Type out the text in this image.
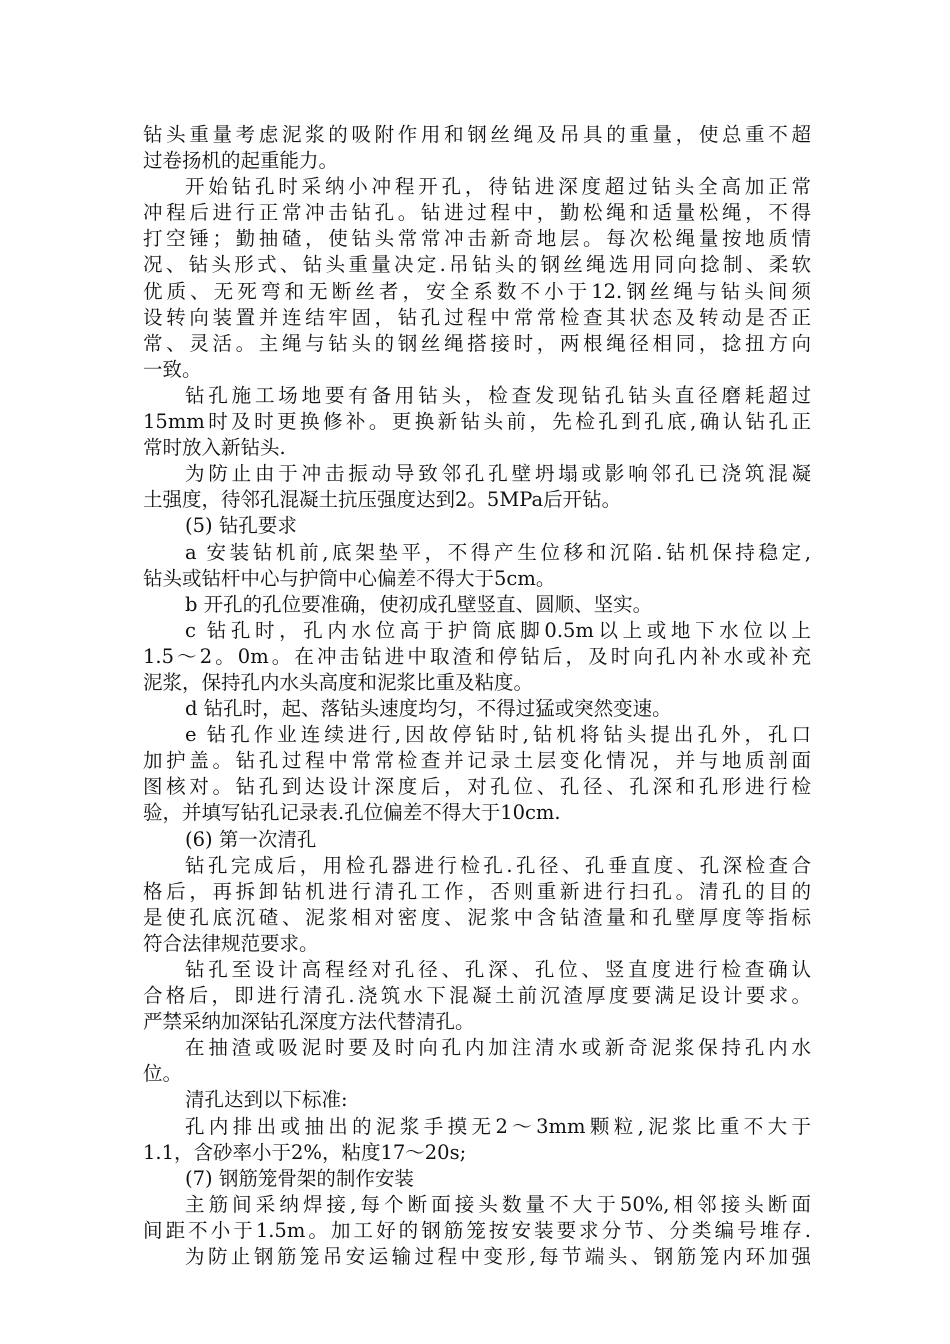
钻头重量考虑泥浆的吸附作用和钢丝绳及吊具的重量，使总重不超
过卷扬机的起重能力。
开始钻孔时采纳小冲程开孔，待钻进深度超过钻头全高加正常
冲程后进行正常冲击钻孔。钻进过程中，勤松绳和适量松绳，不得
打空锤；勤抽碴，使钻头常常冲击新奇地层。每次松绳量按地质情
况、钻头形式、钻头重量决定.吊钻头的钢丝绳选用同向捻制、柔软
优质、无死弯和无断丝者，安全系数不小于12.钢丝绳与钻头间须
设转向装置并连结牢固，钻孔过程中常常检查其状态及转动是否正
常、灵活。主绳与钻头的钢丝绳搭接时，两根绳径相同，捻扭方向
一致。
钻孔施工场地要有备用钻头，检查发现钻孔钻头直径磨耗超过
15mm时及时更换修补。更换新钻头前，先检孔到孔底,确认钻孔正
常时放入新钻头.
为防止由于冲击振动导致邻孔孔壁坍塌或影响邻孔已浇筑混凝
土强度，待邻孔混凝土抗压强度达到2。5MPa后开钻。
(5) 钻孔要求
a 安装钻机前,底架垫平，不得产生位移和沉陷.钻机保持稳定,
钻头或钻杆中心与护筒中心偏差不得大于5cm。
b 开孔的孔位要准确，使初成孔壁竖直、圆顺、坚实。
c 钻孔时，孔内水位高于护筒底脚0.5m以上或地下水位以上
1.5～2。0m。在冲击钻进中取渣和停钻后，及时向孔内补水或补充
泥浆，保持孔内水头高度和泥浆比重及粘度。
d 钻孔时，起、落钻头速度均匀，不得过猛或突然变速。
e 钻孔作业连续进行,因故停钻时,钻机将钻头提出孔外，孔口
加护盖。钻孔过程中常常检查并记录土层变化情况，并与地质剖面
图核对。钻孔到达设计深度后，对孔位、孔径、孔深和孔形进行检
验，并填写钻孔记录表.孔位偏差不得大于10cm.
(6) 第一次清孔
钻孔完成后，用检孔器进行检孔.孔径、孔垂直度、孔深检查合
格后，再拆卸钻机进行清孔工作，否则重新进行扫孔。清孔的目的
是使孔底沉碴、泥浆相对密度、泥浆中含钻渣量和孔壁厚度等指标
符合法律规范要求。
钻孔至设计高程经对孔径、孔深、孔位、竖直度进行检查确认
合格后，即进行清孔.浇筑水下混凝土前沉渣厚度要满足设计要求。
严禁采纳加深钻孔深度方法代替清孔。
在抽渣或吸泥时要及时向孔内加注清水或新奇泥浆保持孔内水
位。
清孔达到以下标准:
孔内排出或抽出的泥浆手摸无2～3mm颗粒,泥浆比重不大于
1.1，含砂率小于2%，粘度17～20s;
(7) 钢筋笼骨架的制作安装
主筋间采纳焊接,每个断面接头数量不大于50%,相邻接头断面
间距不小于1.5m。加工好的钢筋笼按安装要求分节、分类编号堆存.
为防止钢筋笼吊安运输过程中变形,每节端头、钢筋笼内环加强
